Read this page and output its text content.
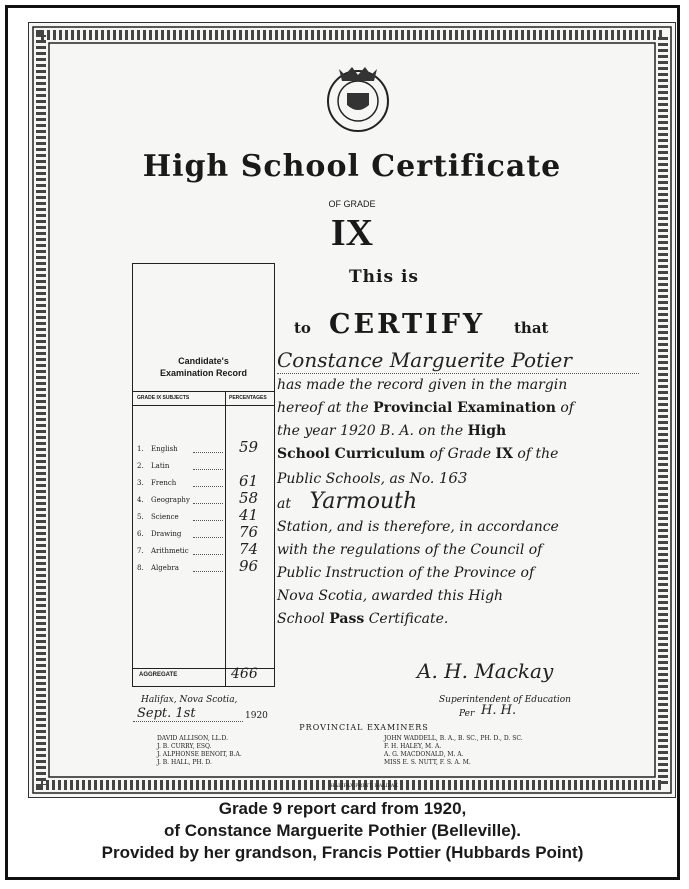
High School Certificate
OF GRADE
IX
This is
to CERTIFY that
Constance Marguerite Potier
has made the record given in the margin
hereof at the Provincial Examination of
the year 1920 B. A. on the High
School Curriculum of Grade IX of the
Public Schools, as No. 163
at Yarmouth
Station, and is therefore, in accordance
with the regulations of the Council of
Public Instruction of the Province of
Nova Scotia, awarded this High
School Pass Certificate.
A. H. Mackay
Superintendent of Education
Per H. H.
Candidate's
Examination Record
GRADE IX SUBJECTS	PERCENTAGES
1. English	59
2. Latin
3. French	61
4. Geography	58
5. Science	41
6. Drawing	76
7. Arithmetic	74
8. Algebra	96
AGGREGATE	466
Halifax, Nova Scotia,
Sept. 1st	1920
PROVINCIAL EXAMINERS
DAVID ALLISON, LL.D.
J. B. CURRY, ESQ.
J. ALPHONSE BENOIT, B.A.
J. B. HALL, PH. D.
JOHN WADDELL, B. A., B. SC., PH. D., D. SC.
F. H. HALEY, M. A.
A. G. MACDONALD, M. A.
MISS E. S. NUTT, F. S. A. M.
HALIFAX PRINT, HALIFAX
Grade 9 report card from 1920,
of Constance Marguerite Pothier (Belleville).
Provided by her grandson, Francis Pottier (Hubbards Point)
